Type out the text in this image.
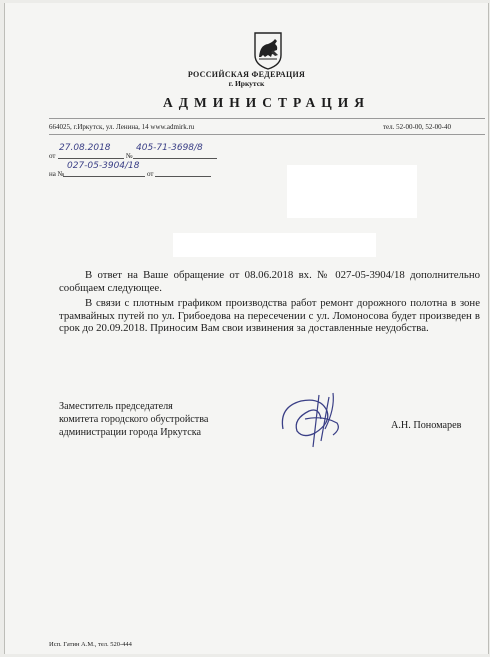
РОССИЙСКАЯ ФЕДЕРАЦИЯ
г. Иркутск
АДМИНИСТРАЦИЯ
664025, г.Иркутск, ул. Ленина, 14 www.admirk.ru	тел. 52-00-00, 52-00-40
от
27.08.2018
№
405-71-3698/8
на №
027-05-3904/18
от
В ответ на Ваше обращение от 08.06.2018 вх. № 027-05-3904/18 дополнительно сообщаем следующее.
В связи с плотным графиком производства работ ремонт дорожного полотна в зоне трамвайных путей по ул. Грибоедова на пересечении с ул. Ломоносова будет произведен в срок до 20.09.2018. Приносим Вам свои извинения за доставленные неудобства.
Заместитель председателя
комитета городского обустройства
администрации города Иркутска
А.Н. Пономарев
Исп. Гатин А.М., тел. 520-444
